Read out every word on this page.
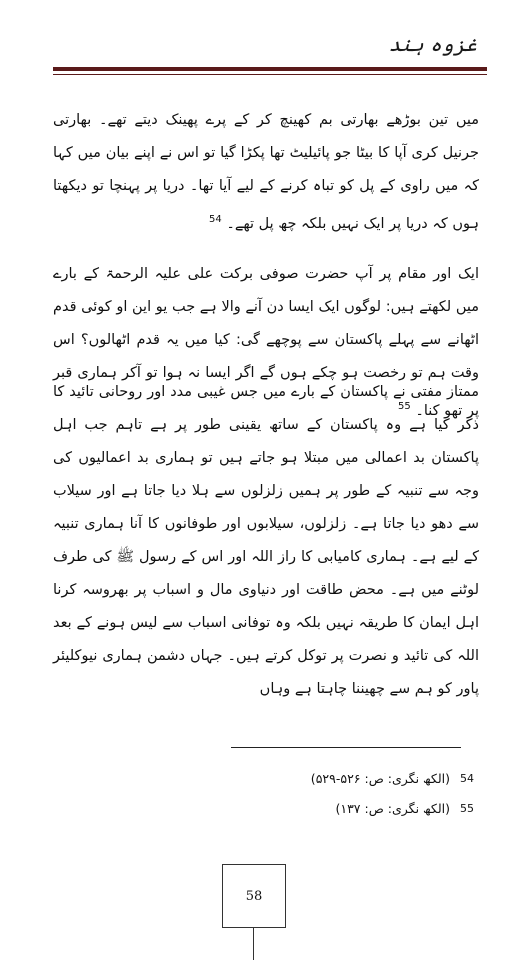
غزوہ ہند
میں تین بوڑھے بھارتی بم کھینچ کر کے پرے پھینک دیتے تھے۔ بھارتی جرنیل کری آپا کا بیٹا جو پائیلیٹ تھا پکڑا گیا تو اس نے اپنے بیان میں کہا کہ میں راوی کے پل کو تباہ کرنے کے لیے آیا تھا۔ دریا پر پہنچا تو دیکھتا ہوں کہ دریا پر ایک نہیں بلکہ چھ پل تھے۔ $^{54}$
ایک اور مقام پر آپ حضرت صوفی برکت علی علیہ الرحمۃ کے بارے میں لکھتے ہیں: لوگوں ایک ایسا دن آنے والا ہے جب یو این او کوئی قدم اٹھانے سے پہلے پاکستان سے پوچھے گی: کیا میں یہ قدم اٹھالوں؟ اس وقت ہم تو رخصت ہو چکے ہوں گے اگر ایسا نہ ہوا تو آکر ہماری قبر پر تھو کنا۔ $^{55}$
ممتاز مفتی نے پاکستان کے بارے میں جس غیبی مدد اور روحانی تائید کا ذکر کیا ہے وہ پاکستان کے ساتھ یقینی طور پر ہے تاہم جب اہل پاکستان بد اعمالی میں مبتلا ہو جاتے ہیں تو ہماری بد اعمالیوں کی وجہ سے تنبیہ کے طور پر ہمیں زلزلوں سے ہلا دیا جاتا ہے اور سیلاب سے دھو دیا جاتا ہے۔ زلزلوں، سیلابوں اور طوفانوں کا آنا ہماری تنبیہ کے لیے ہے۔ ہماری کامیابی کا راز اللہ اور اس کے رسول ﷺ کی طرف لوٹنے میں ہے۔ محض طاقت اور دنیاوی مال و اسباب پر بھروسہ کرنا اہل ایمان کا طریقہ نہیں بلکہ وہ توفانی اسباب سے لیس ہونے کے بعد اللہ کی تائید و نصرت پر توکل کرتے ہیں۔ جہاں دشمن ہماری نیوکلیئر پاور کو ہم سے چھیننا چاہتا ہے وہاں
54
(الکھ نگری: ص: ۵۲۶-۵۲۹)
55
(الکھ نگری: ص: ۱۳۷)
58
